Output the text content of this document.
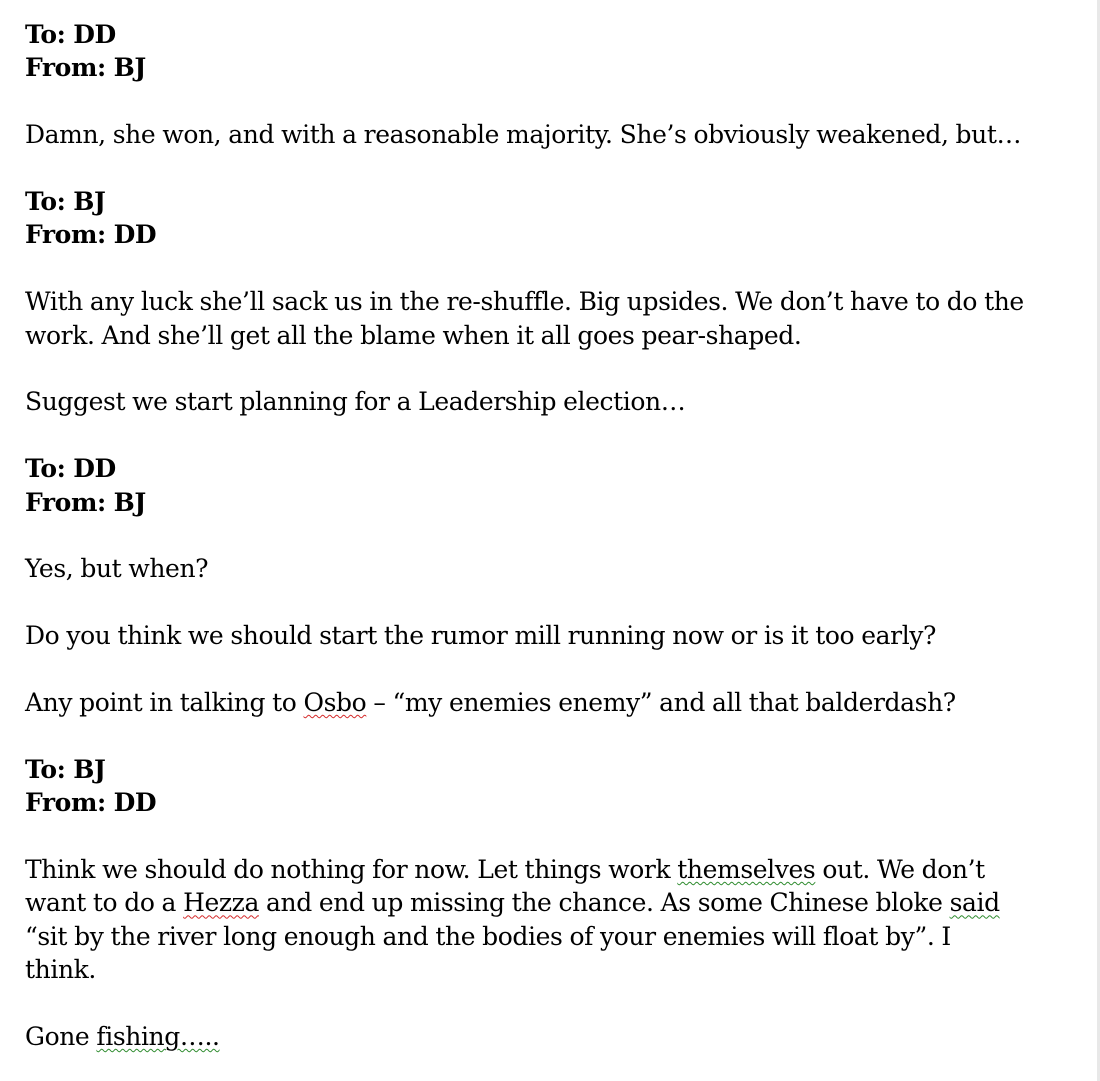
To: DD

From: BJ

Damn, she won, and with a reasonable majority. She’s obviously weakened, but…

To: BJ

From: DD

With any luck she’ll sack us in the re-shuffle. Big upsides. We don’t have to do the work. And she’ll get all the blame when it all goes pear-shaped.

Suggest we start planning for a Leadership election…

To: DD

From: BJ

Yes, but when?

Do you think we should start the rumor mill running now or is it too early?

Any point in talking to Osbo – “my enemies enemy” and all that balderdash?

To: BJ

From: DD

Think we should do nothing for now. Let things work themselves out. We don’t want to do a Hezza and end up missing the chance. As some Chinese bloke said “sit by the river long enough and the bodies of your enemies will float by”. I think.

Gone fishing…..
